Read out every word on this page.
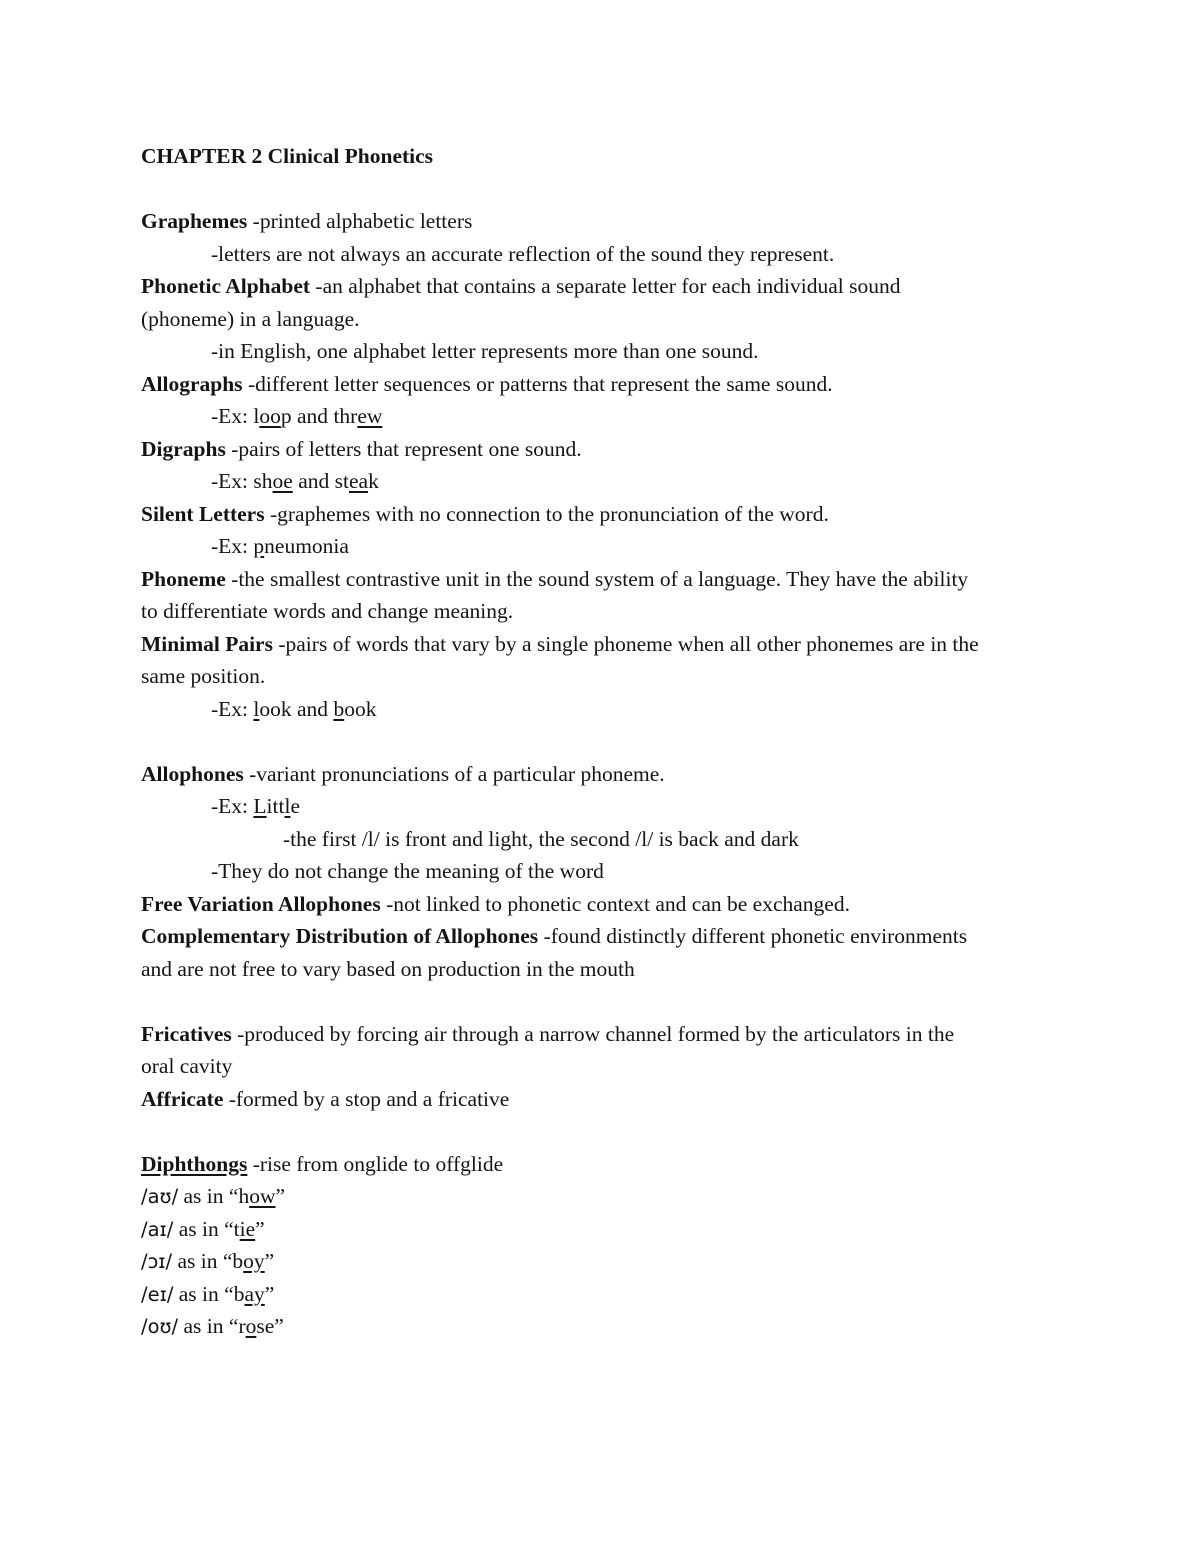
CHAPTER 2 Clinical Phonetics
Graphemes -printed alphabetic letters
-letters are not always an accurate reflection of the sound they represent.
Phonetic Alphabet -an alphabet that contains a separate letter for each individual sound
(phoneme) in a language.
-in English, one alphabet letter represents more than one sound.
Allographs -different letter sequences or patterns that represent the same sound.
-Ex: loop and threw
Digraphs -pairs of letters that represent one sound.
-Ex: shoe and steak
Silent Letters -graphemes with no connection to the pronunciation of the word.
-Ex: pneumonia
Phoneme -the smallest contrastive unit in the sound system of a language. They have the ability
to differentiate words and change meaning.
Minimal Pairs -pairs of words that vary by a single phoneme when all other phonemes are in the
same position.
-Ex: look and book
Allophones -variant pronunciations of a particular phoneme.
-Ex: Little
-the first /l/ is front and light, the second /l/ is back and dark
-They do not change the meaning of the word
Free Variation Allophones -not linked to phonetic context and can be exchanged.
Complementary Distribution of Allophones -found distinctly different phonetic environments
and are not free to vary based on production in the mouth
Fricatives -produced by forcing air through a narrow channel formed by the articulators in the
oral cavity
Affricate -formed by a stop and a fricative
Diphthongs -rise from onglide to offglide
/aʊ/ as in “how”
/aɪ/ as in “tie”
/ɔɪ/ as in “boy”
/eɪ/ as in “bay”
/oʊ/ as in “rose”
